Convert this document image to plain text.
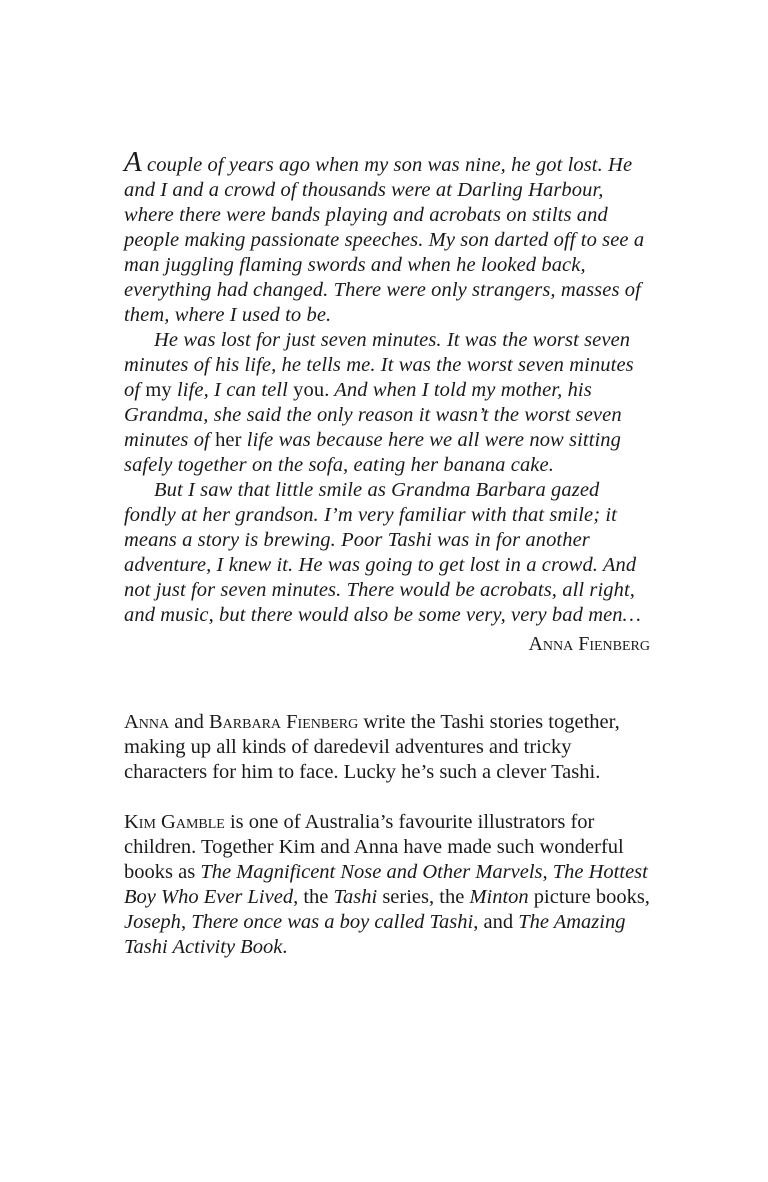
A couple of years ago when my son was nine, he got lost. He and I and a crowd of thousands were at Darling Harbour, where there were bands playing and acrobats on stilts and people making passionate speeches. My son darted off to see a man juggling flaming swords and when he looked back, everything had changed. There were only strangers, masses of them, where I used to be.

He was lost for just seven minutes. It was the worst seven minutes of his life, he tells me. It was the worst seven minutes of my life, I can tell you. And when I told my mother, his Grandma, she said the only reason it wasn’t the worst seven minutes of her life was because here we all were now sitting safely together on the sofa, eating her banana cake.

But I saw that little smile as Grandma Barbara gazed fondly at her grandson. I’m very familiar with that smile; it means a story is brewing. Poor Tashi was in for another adventure, I knew it. He was going to get lost in a crowd. And not just for seven minutes. There would be acrobats, all right, and music, but there would also be some very, very bad men…

Anna Fienberg

Anna and Barbara Fienberg write the Tashi stories together, making up all kinds of daredevil adventures and tricky characters for him to face. Lucky he’s such a clever Tashi.

Kim Gamble is one of Australia’s favourite illustrators for children. Together Kim and Anna have made such wonderful books as The Magnificent Nose and Other Marvels, The Hottest Boy Who Ever Lived, the Tashi series, the Minton picture books, Joseph, There once was a boy called Tashi, and The Amazing Tashi Activity Book.
